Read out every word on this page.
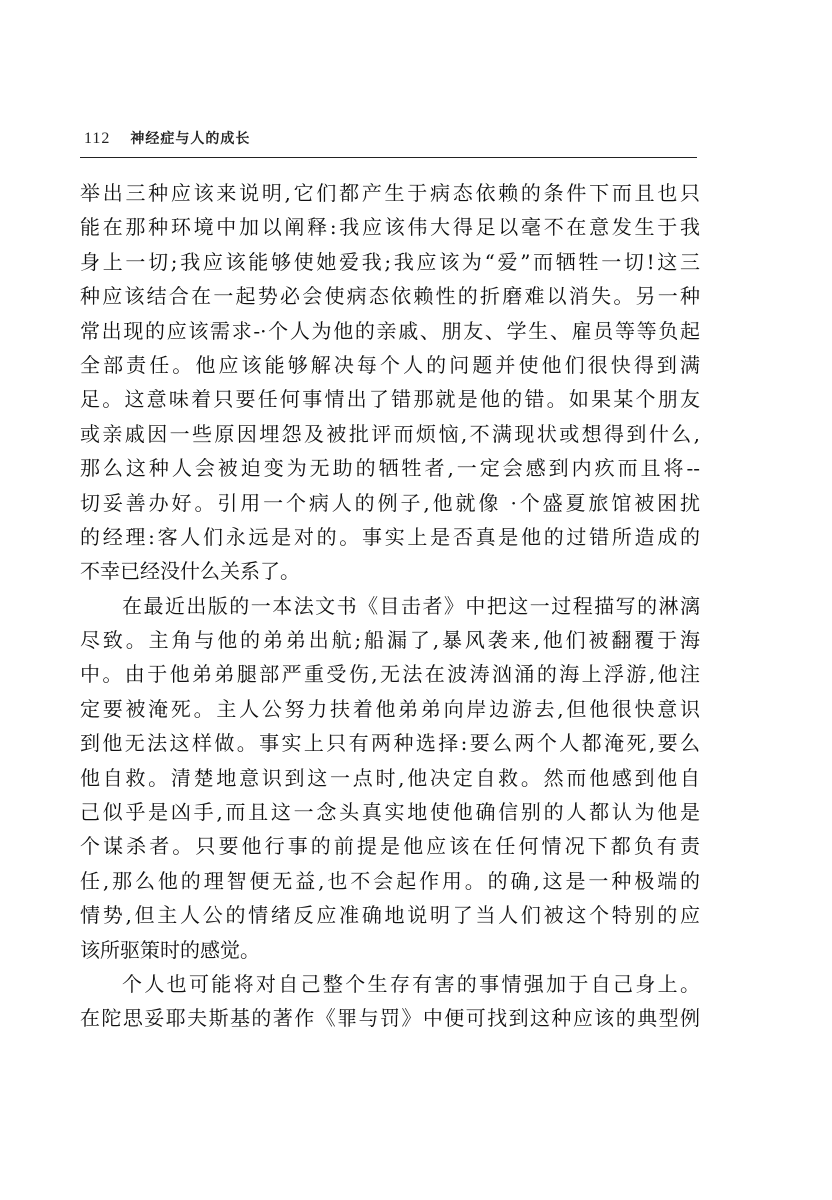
112 神经症与人的成长
举出三种应该来说明,它们都产生于病态依赖的条件下而且也只
能在那种环境中加以阐释:我应该伟大得足以毫不在意发生于我
身上一切;我应该能够使她爱我;我应该为“爱”而牺牲一切!这三
种应该结合在一起势必会使病态依赖性的折磨难以消失。另一种
常出现的应该需求-·个人为他的亲戚、朋友、学生、雇员等等负起
全部责任。他应该能够解决每个人的问题并使他们很快得到满
足。这意味着只要任何事情出了错那就是他的错。如果某个朋友
或亲戚因一些原因埋怨及被批评而烦恼,不满现状或想得到什么,
那么这种人会被迫变为无助的牺牲者,一定会感到内疚而且将--
切妥善办好。引用一个病人的例子,他就像 ·个盛夏旅馆被困扰
的经理:客人们永远是对的。事实上是否真是他的过错所造成的
不幸已经没什么关系了。
在最近出版的一本法文书《目击者》中把这一过程描写的淋漓
尽致。主角与他的弟弟出航;船漏了,暴风袭来,他们被翻覆于海
中。由于他弟弟腿部严重受伤,无法在波涛汹涌的海上浮游,他注
定要被淹死。主人公努力扶着他弟弟向岸边游去,但他很快意识
到他无法这样做。事实上只有两种选择:要么两个人都淹死,要么
他自救。清楚地意识到这一点时,他决定自救。然而他感到他自
己似乎是凶手,而且这一念头真实地使他确信别的人都认为他是
个谋杀者。只要他行事的前提是他应该在任何情况下都负有责
任,那么他的理智便无益,也不会起作用。的确,这是一种极端的
情势,但主人公的情绪反应准确地说明了当人们被这个特别的应
该所驱策时的感觉。
个人也可能将对自己整个生存有害的事情强加于自己身上。
在陀思妥耶夫斯基的著作《罪与罚》中便可找到这种应该的典型例
